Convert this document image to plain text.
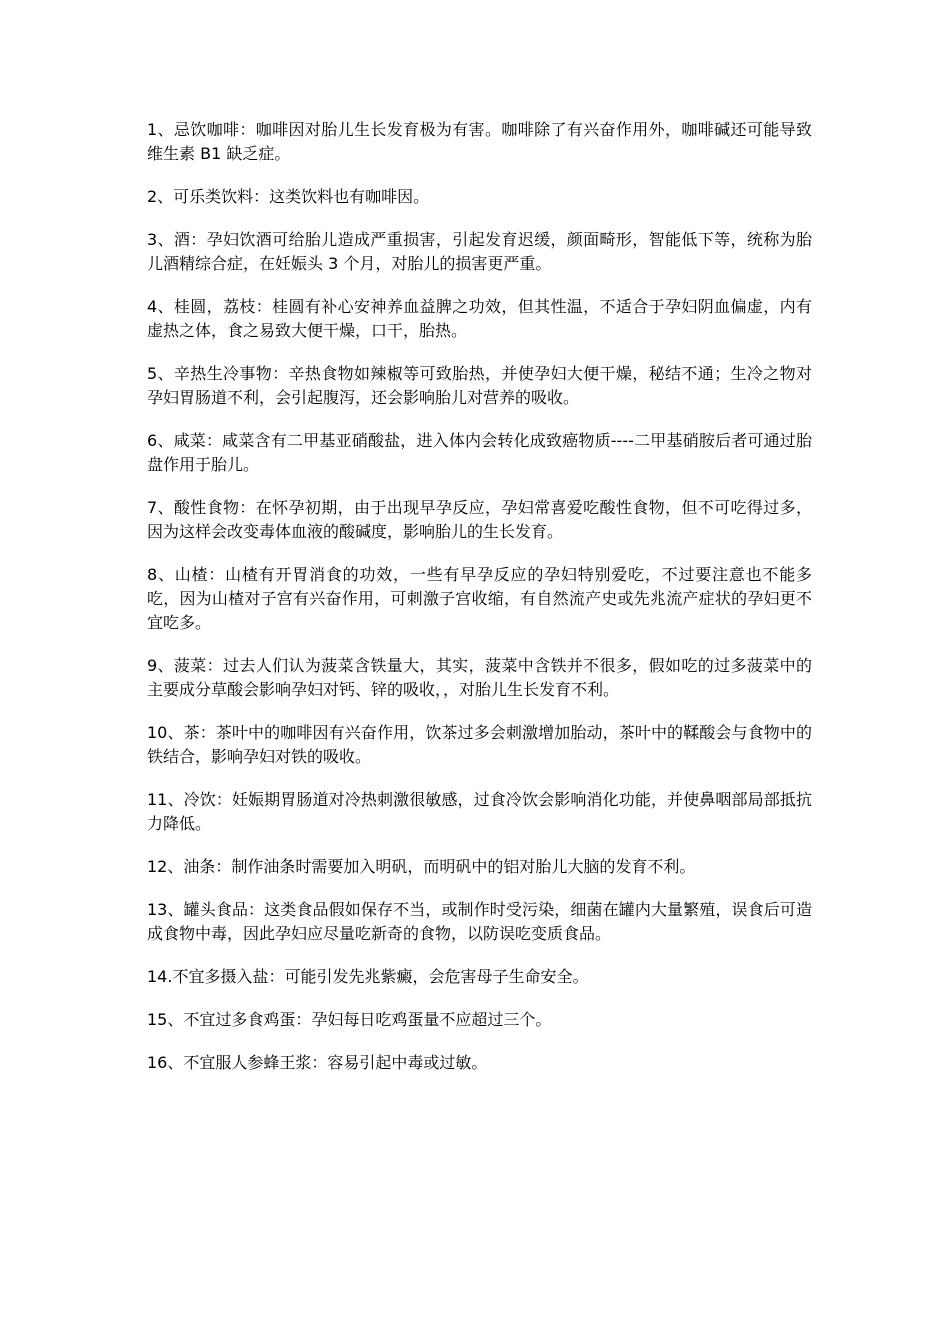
1、忌饮咖啡：咖啡因对胎儿生长发育极为有害。咖啡除了有兴奋作用外，咖啡碱还可能导致维生素 B1 缺乏症。

2、可乐类饮料：这类饮料也有咖啡因。

3、酒：孕妇饮酒可给胎儿造成严重损害，引起发育迟缓，颜面畸形，智能低下等，统称为胎儿酒精综合症，在妊娠头 3 个月，对胎儿的损害更严重。

4、桂圆，荔枝：桂圆有补心安神养血益脾之功效，但其性温，不适合于孕妇阴血偏虚，内有虚热之体，食之易致大便干燥，口干，胎热。

5、辛热生冷事物：辛热食物如辣椒等可致胎热，并使孕妇大便干燥，秘结不通；生冷之物对孕妇胃肠道不利，会引起腹泻，还会影响胎儿对营养的吸收。

6、咸菜：咸菜含有二甲基亚硝酸盐，进入体内会转化成致癌物质----二甲基硝胺后者可通过胎盘作用于胎儿。

7、酸性食物：在怀孕初期，由于出现早孕反应，孕妇常喜爱吃酸性食物，但不可吃得过多，因为这样会改变毒体血液的酸碱度，影响胎儿的生长发育。

8、山楂：山楂有开胃消食的功效，一些有早孕反应的孕妇特别爱吃，不过要注意也不能多吃，因为山楂对子宫有兴奋作用，可刺激子宫收缩，有自然流产史或先兆流产症状的孕妇更不宜吃多。

9、菠菜：过去人们认为菠菜含铁量大，其实，菠菜中含铁并不很多，假如吃的过多菠菜中的主要成分草酸会影响孕妇对钙、锌的吸收，，对胎儿生长发育不利。

10、茶：茶叶中的咖啡因有兴奋作用，饮茶过多会刺激增加胎动，茶叶中的鞣酸会与食物中的铁结合，影响孕妇对铁的吸收。

11、冷饮：妊娠期胃肠道对冷热刺激很敏感，过食冷饮会影响消化功能，并使鼻咽部局部抵抗力降低。

12、油条：制作油条时需要加入明矾，而明矾中的铝对胎儿大脑的发育不利。

13、罐头食品：这类食品假如保存不当，或制作时受污染，细菌在罐内大量繁殖，误食后可造成食物中毒，因此孕妇应尽量吃新奇的食物，以防误吃变质食品。

14.不宜多摄入盐：可能引发先兆紫癜，会危害母子生命安全。

15、不宜过多食鸡蛋：孕妇每日吃鸡蛋量不应超过三个。

16、不宜服人参蜂王浆：容易引起中毒或过敏。
